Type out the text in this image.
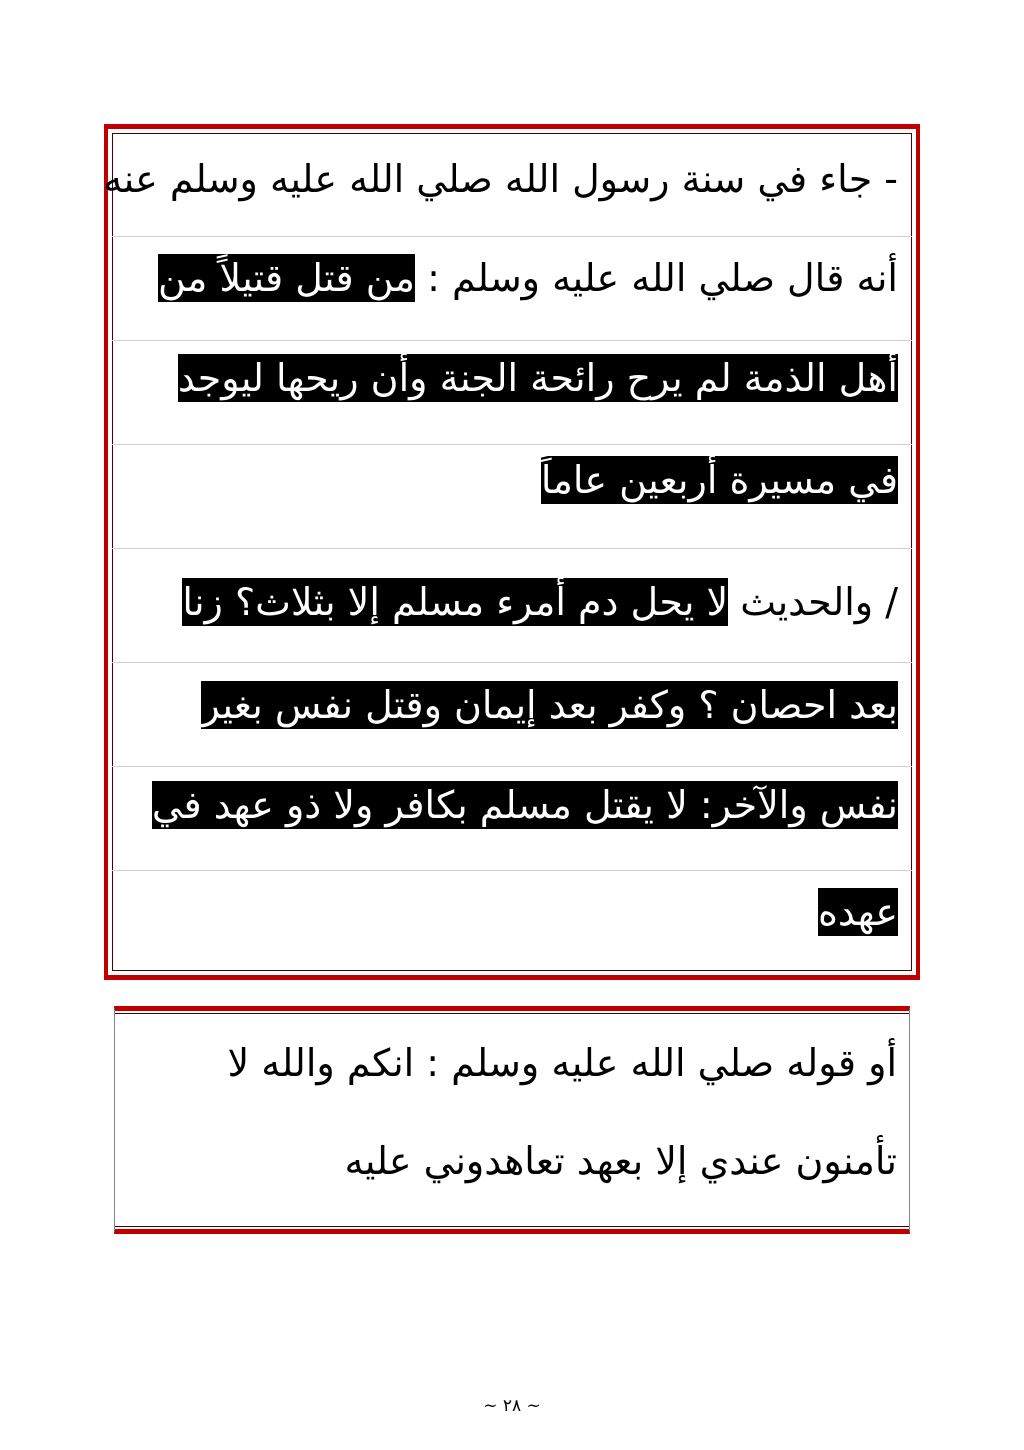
- جاء في سنة رسول الله صلي الله عليه وسلم عنه
أنه قال صلي الله عليه وسلم : من قتل قتيلاً من
أهل الذمة لم يرح رائحة الجنة وأن ريحها ليوجد
في مسيرة أربعين عاماً
/ والحديث لا يحل دم أمرء مسلم إلا بثلاث؟ زنا
بعد احصان ؟ وكفر بعد إيمان وقتل نفس بغير
نفس والآخر: لا يقتل مسلم بكافر ولا ذو عهد في
عهده
أو قوله صلي الله عليه وسلم : انكم والله لا
تأمنون عندي إلا بعهد تعاهدوني عليه
~ ٢٨ ~
